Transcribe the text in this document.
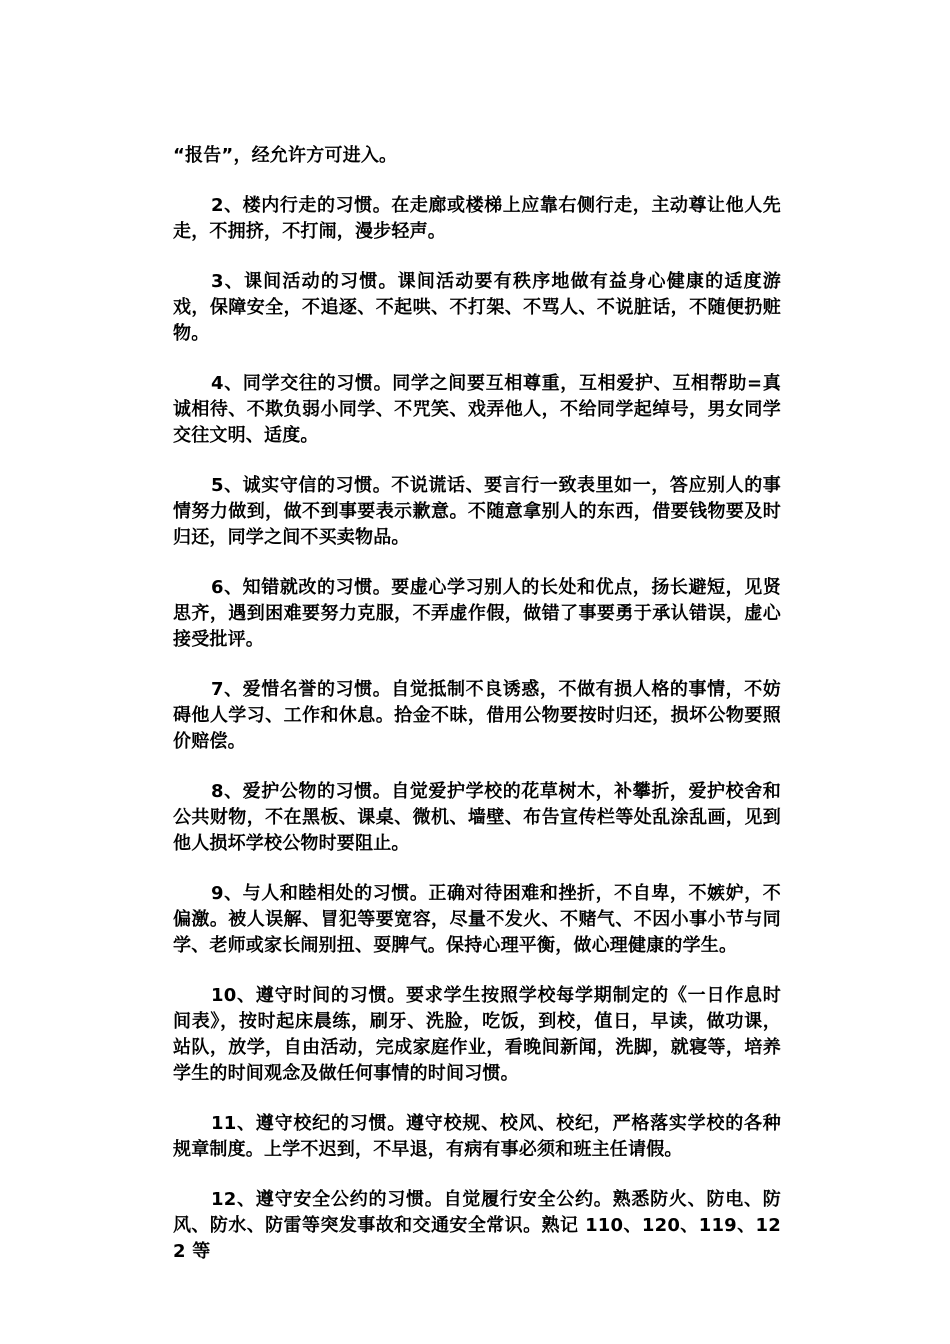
“报告”，经允许方可进入。

2、楼内行走的习惯。在走廊或楼梯上应靠右侧行走，主动尊让他人先走，不拥挤，不打闹，漫步轻声。

3、课间活动的习惯。课间活动要有秩序地做有益身心健康的适度游戏，保障安全，不追逐、不起哄、不打架、不骂人、不说脏话，不随便扔赃物。

4、同学交往的习惯。同学之间要互相尊重，互相爱护、互相帮助=真诚相待、不欺负弱小同学、不咒笑、戏弄他人，不给同学起绰号，男女同学交往文明、适度。

5、诚实守信的习惯。不说谎话、要言行一致表里如一，答应别人的事情努力做到，做不到事要表示歉意。不随意拿别人的东西，借要钱物要及时归还，同学之间不买卖物品。

6、知错就改的习惯。要虚心学习别人的长处和优点，扬长避短，见贤思齐，遇到困难要努力克服，不弄虚作假，做错了事要勇于承认错误，虚心接受批评。

7、爱惜名誉的习惯。自觉抵制不良诱惑，不做有损人格的事情，不妨碍他人学习、工作和休息。拾金不昧，借用公物要按时归还，损坏公物要照价赔偿。

8、爱护公物的习惯。自觉爱护学校的花草树木，补攀折，爱护校舍和公共财物，不在黑板、课桌、微机、墙壁、布告宣传栏等处乱涂乱画，见到他人损坏学校公物时要阻止。

9、与人和睦相处的习惯。正确对待困难和挫折，不自卑，不嫉妒，不偏激。被人误解、冒犯等要宽容，尽量不发火、不赌气、不因小事小节与同学、老师或家长闹别扭、耍脾气。保持心理平衡，做心理健康的学生。

10、遵守时间的习惯。要求学生按照学校每学期制定的《一日作息时间表》，按时起床晨练，刷牙、洗脸，吃饭，到校，值日，早读，做功课，站队，放学，自由活动，完成家庭作业，看晚间新闻，洗脚，就寝等，培养学生的时间观念及做任何事情的时间习惯。

11、遵守校纪的习惯。遵守校规、校风、校纪，严格落实学校的各种规章制度。上学不迟到，不早退，有病有事必须和班主任请假。

12、遵守安全公约的习惯。自觉履行安全公约。熟悉防火、防电、防风、防水、防雷等突发事故和交通安全常识。熟记 110、120、119、122 等
